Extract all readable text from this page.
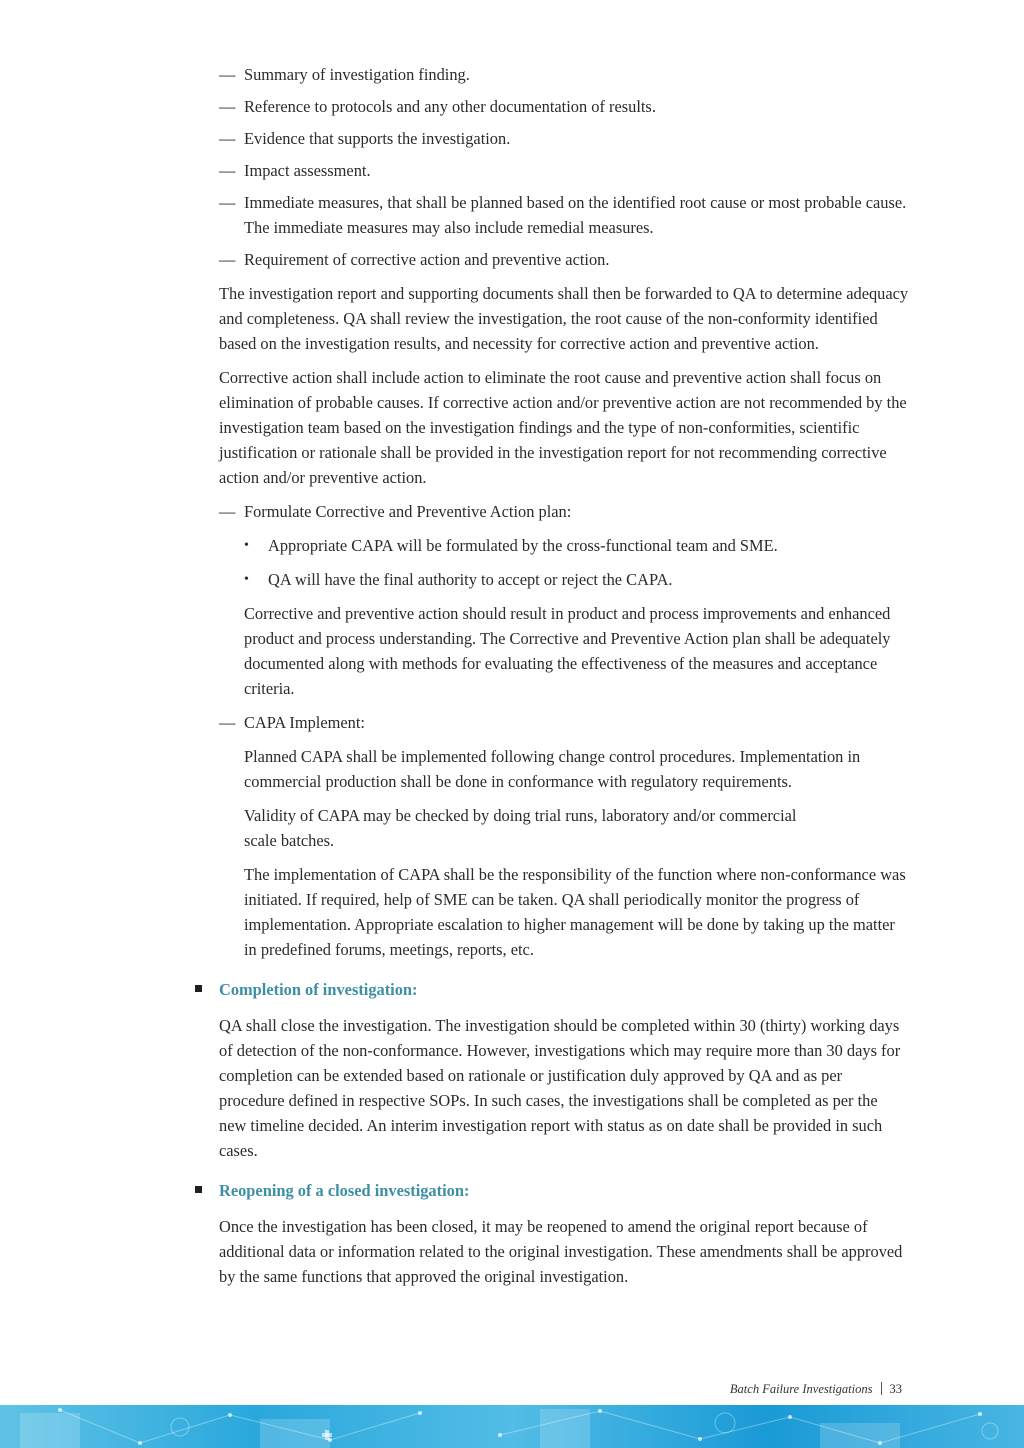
— Summary of investigation finding.
— Reference to protocols and any other documentation of results.
— Evidence that supports the investigation.
— Impact assessment.
— Immediate measures, that shall be planned based on the identified root cause or most probable cause. The immediate measures may also include remedial measures.
— Requirement of corrective action and preventive action.

The investigation report and supporting documents shall then be forwarded to QA to determine adequacy and completeness. QA shall review the investigation, the root cause of the non-conformity identified based on the investigation results, and necessity for corrective action and preventive action.

Corrective action shall include action to eliminate the root cause and preventive action shall focus on elimination of probable causes. If corrective action and/or preventive action are not recommended by the investigation team based on the investigation findings and the type of non-conformities, scientific justification or rationale shall be provided in the investigation report for not recommending corrective action and/or preventive action.

— Formulate Corrective and Preventive Action plan:
• Appropriate CAPA will be formulated by the cross-functional team and SME.
• QA will have the final authority to accept or reject the CAPA.

Corrective and preventive action should result in product and process improvements and enhanced product and process understanding. The Corrective and Preventive Action plan shall be adequately documented along with methods for evaluating the effectiveness of the measures and acceptance criteria.

— CAPA Implement:

Planned CAPA shall be implemented following change control procedures. Implementation in commercial production shall be done in conformance with regulatory requirements.

Validity of CAPA may be checked by doing trial runs, laboratory and/or commercial scale batches.

The implementation of CAPA shall be the responsibility of the function where non-conformance was initiated. If required, help of SME can be taken. QA shall periodically monitor the progress of implementation. Appropriate escalation to higher management will be done by taking up the matter in predefined forums, meetings, reports, etc.

Completion of investigation:

QA shall close the investigation. The investigation should be completed within 30 (thirty) working days of detection of the non-conformance. However, investigations which may require more than 30 days for completion can be extended based on rationale or justification duly approved by QA and as per procedure defined in respective SOPs. In such cases, the investigations shall be completed as per the new timeline decided. An interim investigation report with status as on date shall be provided in such cases.

Reopening of a closed investigation:

Once the investigation has been closed, it may be reopened to amend the original report because of additional data or information related to the original investigation. These amendments shall be approved by the same functions that approved the original investigation.

Batch Failure Investigations 33
